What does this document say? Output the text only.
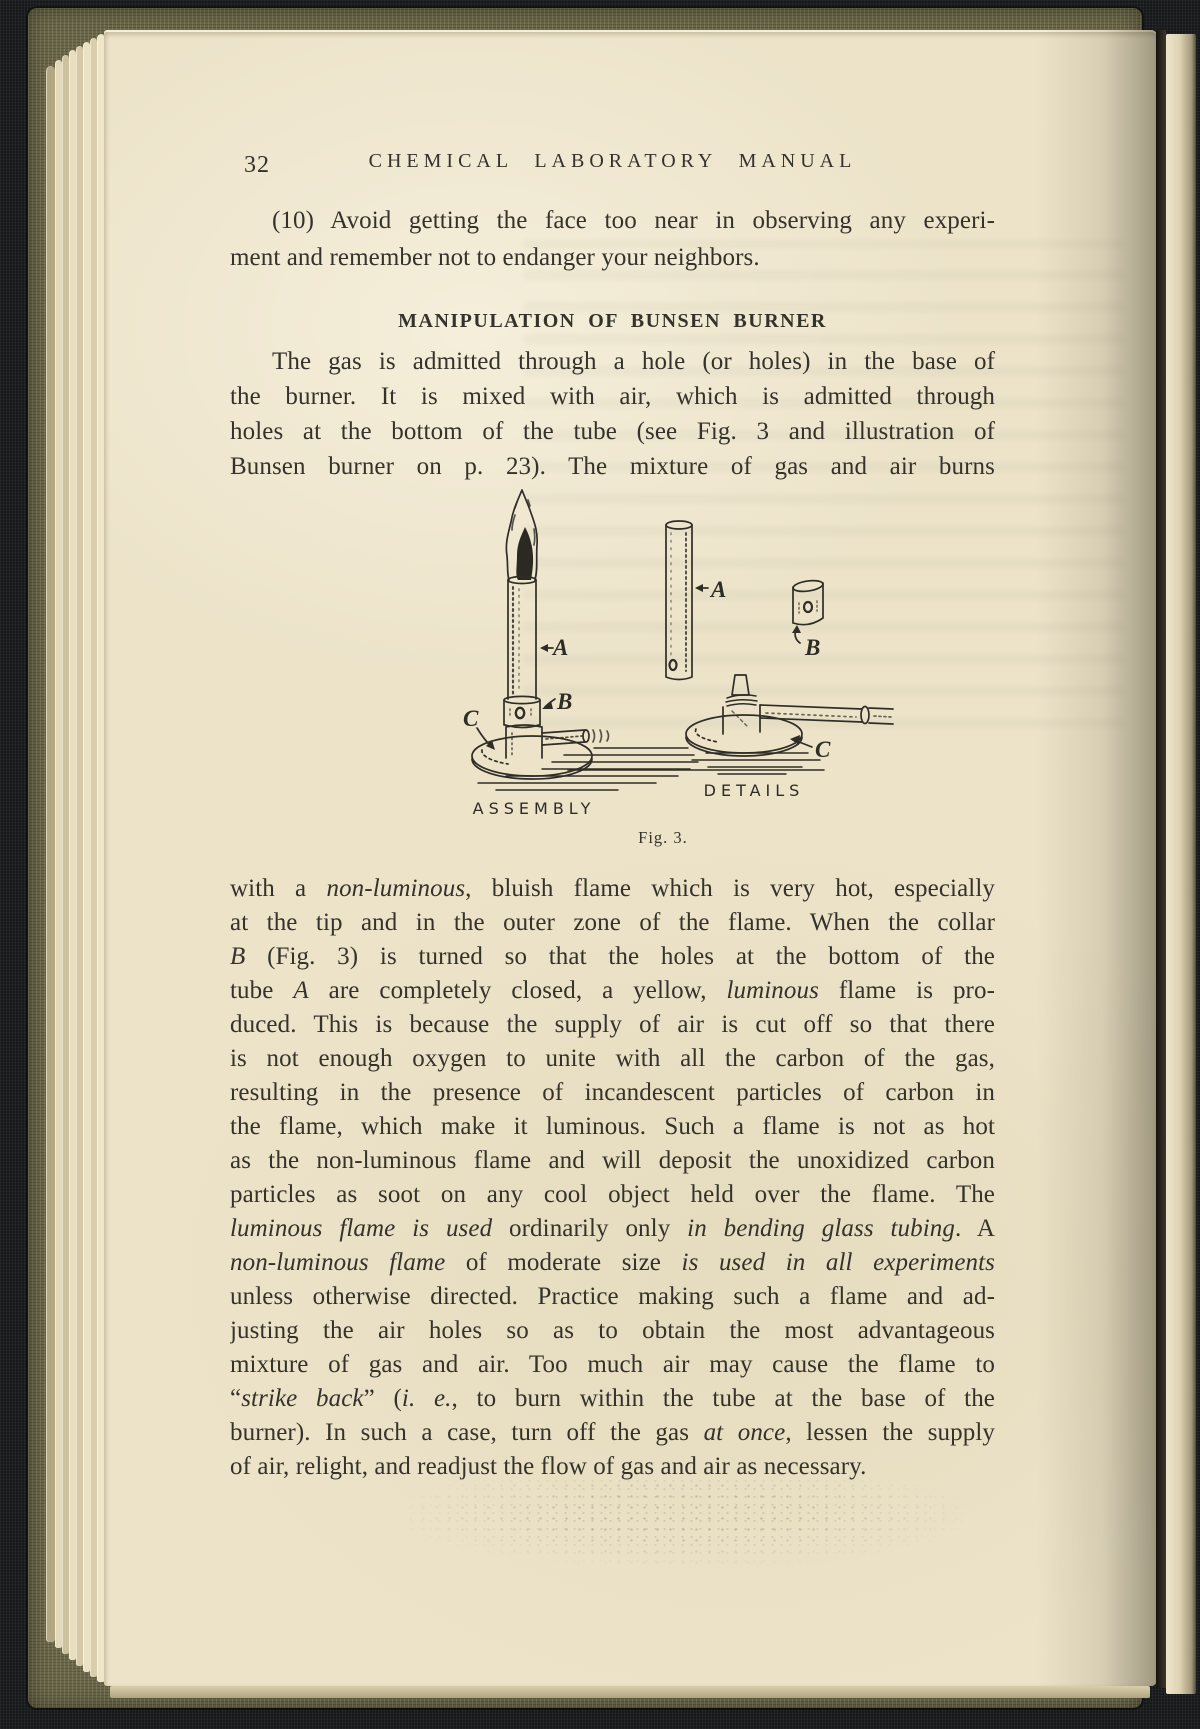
32	CHEMICAL LABORATORY MANUAL
(10) Avoid getting the face too near in observing any experi-
ment and remember not to endanger your neighbors.
MANIPULATION OF BUNSEN BURNER
The gas is admitted through a hole (or holes) in the base of
the burner. It is mixed with air, which is admitted through
holes at the bottom of the tube (see Fig. 3 and illustration of
Bunsen burner on p. 23). The mixture of gas and air burns
A
B
C
A
B
C
ASSEMBLY
DETAILS
Fig. 3.
with a non-luminous, bluish flame which is very hot, especially
at the tip and in the outer zone of the flame. When the collar
B (Fig. 3) is turned so that the holes at the bottom of the
tube A are completely closed, a yellow, luminous flame is pro-
duced. This is because the supply of air is cut off so that there
is not enough oxygen to unite with all the carbon of the gas,
resulting in the presence of incandescent particles of carbon in
the flame, which make it luminous. Such a flame is not as hot
as the non-luminous flame and will deposit the unoxidized carbon
particles as soot on any cool object held over the flame. The
luminous flame is used ordinarily only in bending glass tubing. A
non-luminous flame of moderate size is used in all experiments
unless otherwise directed. Practice making such a flame and ad-
justing the air holes so as to obtain the most advantageous
mixture of gas and air. Too much air may cause the flame to
“strike back” (i. e., to burn within the tube at the base of the
burner). In such a case, turn off the gas at once, lessen the supply
of air, relight, and readjust the flow of gas and air as necessary.
